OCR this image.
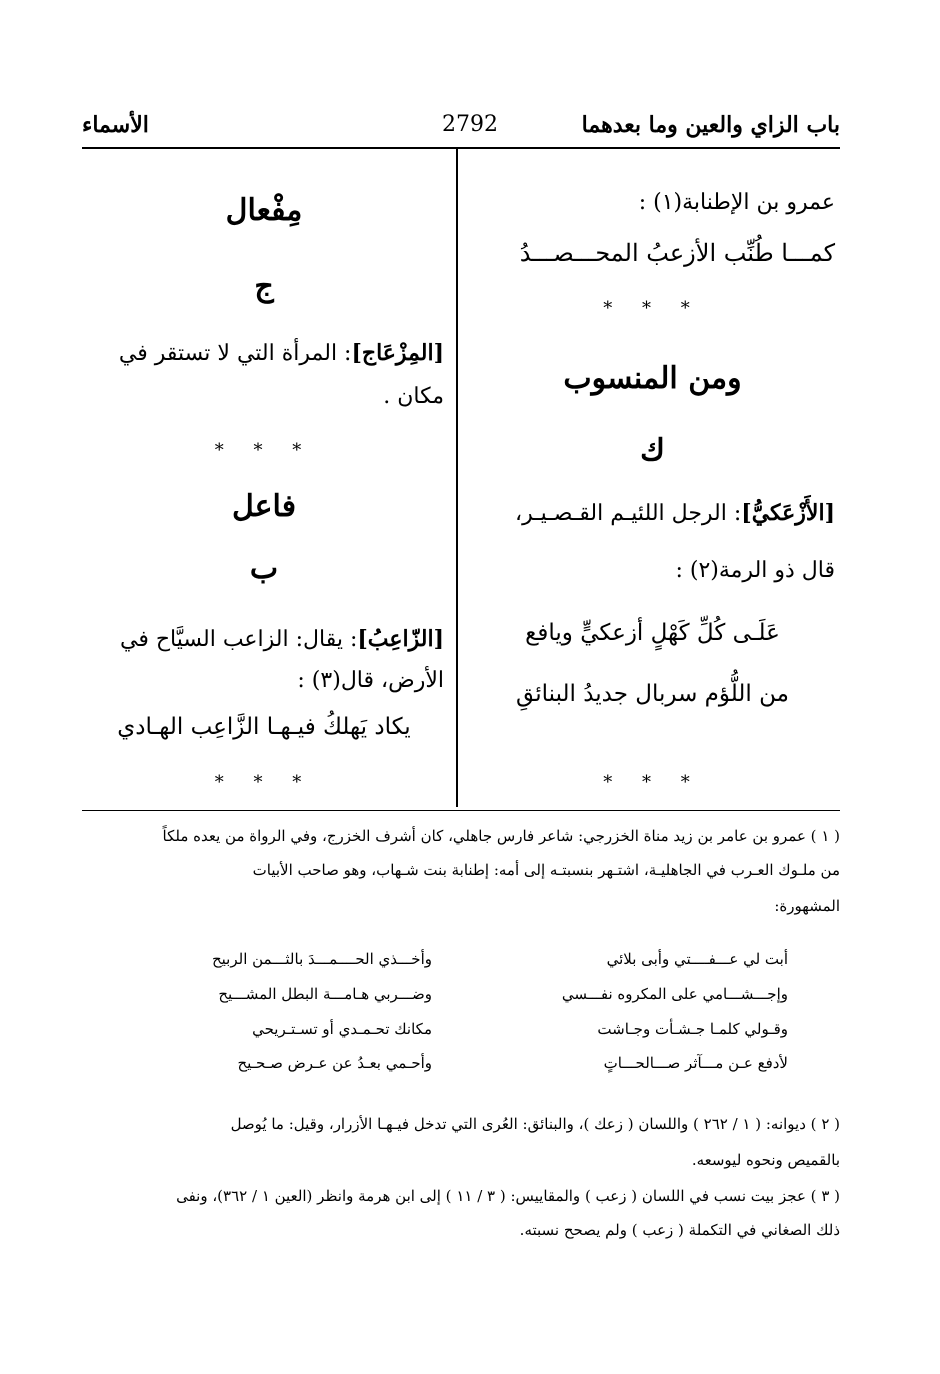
باب الزاي والعين وما بعدهما
2792
الأسماء
عمرو بن الإطنابة(١) :
كمـــا طُنِّب الأزعبُ المحـــصـــدُ
* * *
ومن المنسوب
ك
[الأَزْعَكيُّ]: الرجل اللئيـم القـصـيـر،
قال ذو الرمة(٢) :
عَلَـى كُلِّ كَهْلٍ أزعكيٍّ ويافع
من اللُّؤم سربال جديدُ البنائقِ
* * *
مِفْعال
ج
[المِزْعَاج]: المرأة التي لا تستقر في
مكان .
* * *
فاعل
ب
[الزّاعِبُ]: يقال: الزاعب السيَّاح في
الأرض، قال(٣) :
يكاد يَهلكُ فيـهـا الزَّاعِب الهـادي
* * *
( ١ ) عمرو بن عامر بن زيد مناة الخزرجي: شاعر فارس جاهلي، كان أشرف الخزرج، وفي الرواة من يعده ملكاً
من ملـوك العـرب في الجاهليـة، اشتـهر بنسبتـه إلى أمه: إطنابة بنت شـهاب، وهو صاحب الأبيات
المشهورة:
أبت لي عـــفــــتي وأبى بلائي
وأخـــذي الحــــمـــدَ بالثـــمن الربيح
وإجـــشـــامي على المكروه نفـــسي
وضـــربي هـامـــة البطل المشـــيح
وقـولي كلمـا جـشـأت وجـاشت
مكانك تحـمـدي أو تسـتـريحي
لأدفع عـن مـــآثر صـــالحـــاتٍ
وأحـمي بعـدُ عن عـرض صـحـيح
( ٢ ) ديوانه: ( ١ / ٢٦٢ ) واللسان ( زعك )، والبنائق: العُرى التي تدخل فيـهـا الأزرار، وقيل: ما يُوصل
بالقميص ونحوه ليوسعه.
( ٣ ) عجز بيت نسب في اللسان ( زعب ) والمقاييس: ( ٣ / ١١ ) إلى ابن هرمة وانظر (العين ١ / ٣٦٢)، ونفى
ذلك الصغاني في التكملة ( زعب ) ولم يصحح نسبته.
